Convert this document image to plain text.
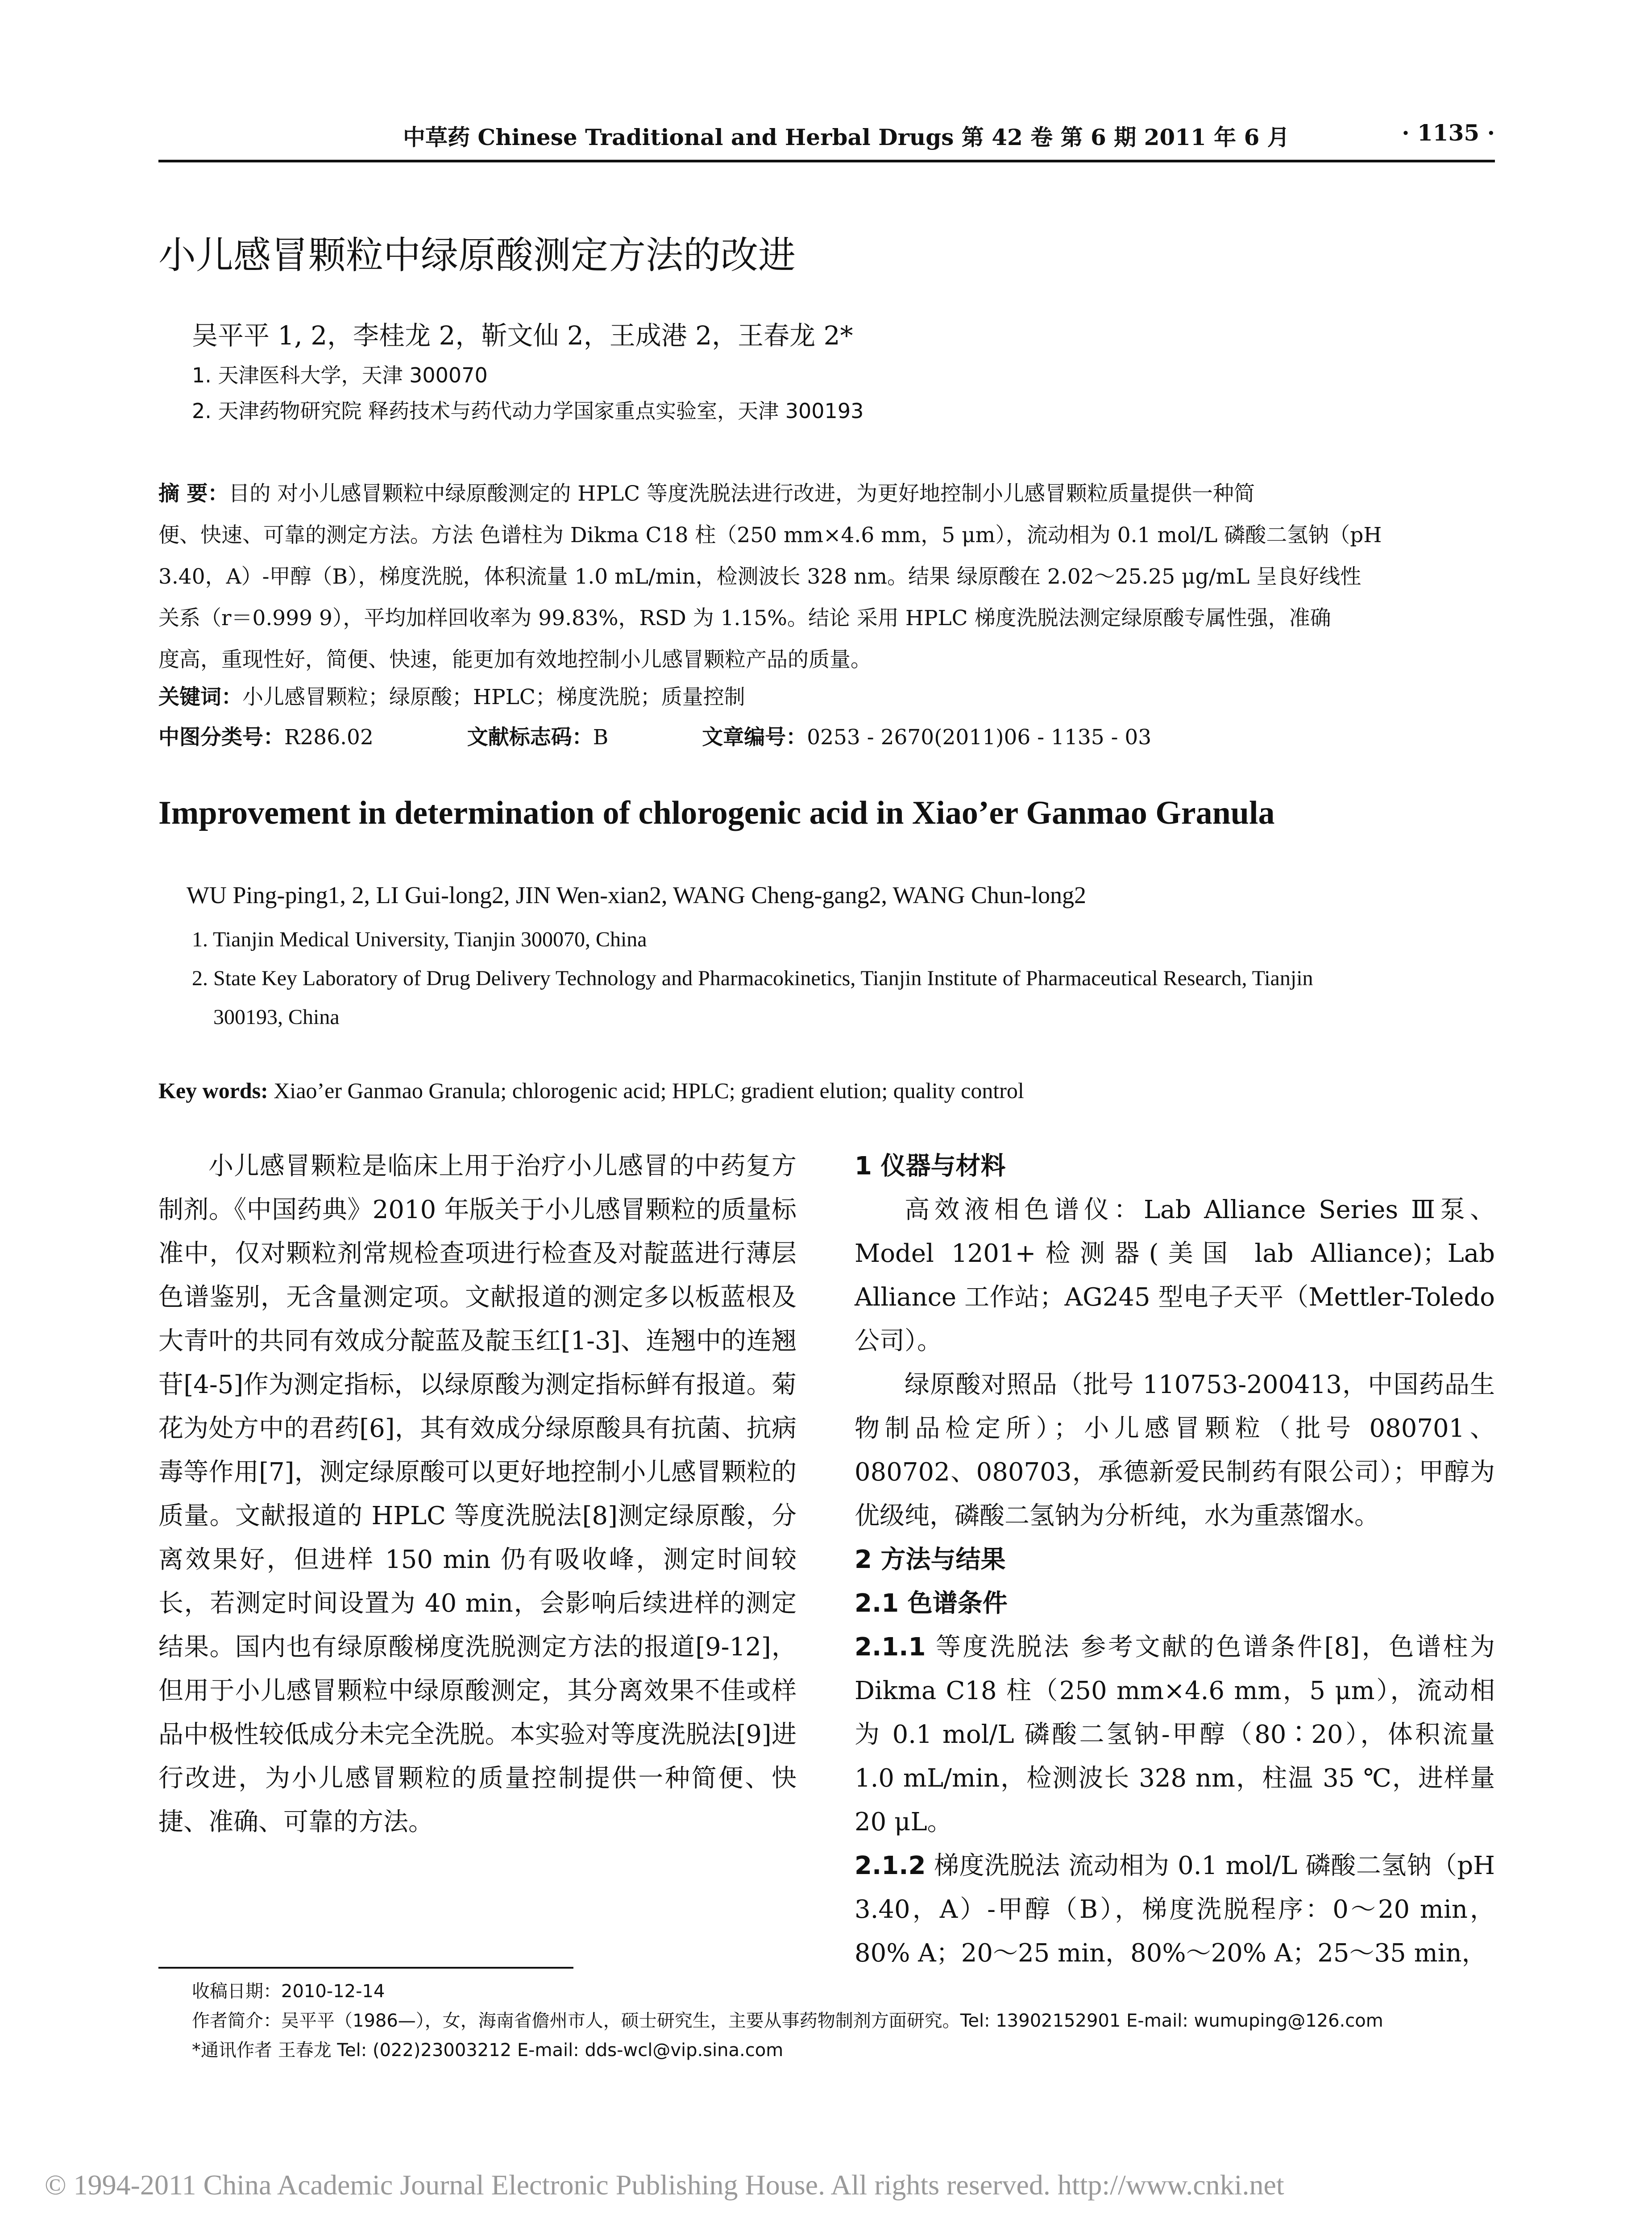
中草药 Chinese Traditional and Herbal Drugs 第 42 卷 第 6 期 2011 年 6 月	· 1135 ·
小儿感冒颗粒中绿原酸测定方法的改进
吴平平 1, 2，李桂龙 2，靳文仙 2，王成港 2，王春龙 2*
1. 天津医科大学，天津 300070
2. 天津药物研究院 释药技术与药代动力学国家重点实验室，天津 300193
摘 要：目的 对小儿感冒颗粒中绿原酸测定的 HPLC 等度洗脱法进行改进，为更好地控制小儿感冒颗粒质量提供一种简
便、快速、可靠的测定方法。方法 色谱柱为 Dikma C18 柱（250 mm×4.6 mm，5 μm），流动相为 0.1 mol/L 磷酸二氢钠（pH
3.40，A）-甲醇（B），梯度洗脱，体积流量 1.0 mL/min，检测波长 328 nm。结果 绿原酸在 2.02～25.25 μg/mL 呈良好线性
关系（r＝0.999 9），平均加样回收率为 99.83%，RSD 为 1.15%。结论 采用 HPLC 梯度洗脱法测定绿原酸专属性强，准确
度高，重现性好，简便、快速，能更加有效地控制小儿感冒颗粒产品的质量。
关键词：小儿感冒颗粒；绿原酸；HPLC；梯度洗脱；质量控制
中图分类号：R286.02	文献标志码：B	文章编号：0253 - 2670(2011)06 - 1135 - 03
Improvement in determination of chlorogenic acid in Xiao’er Ganmao Granula
WU Ping-ping1, 2, LI Gui-long2, JIN Wen-xian2, WANG Cheng-gang2, WANG Chun-long2
1. Tianjin Medical University, Tianjin 300070, China
2. State Key Laboratory of Drug Delivery Technology and Pharmacokinetics, Tianjin Institute of Pharmaceutical Research, Tianjin
300193, China
Key words: Xiao’er Ganmao Granula; chlorogenic acid; HPLC; gradient elution; quality control

小儿感冒颗粒是临床上用于治疗小儿感冒的中药复方制剂。《中国药典》2010 年版关于小儿感冒颗粒的质量标准中，仅对颗粒剂常规检查项进行检查及对靛蓝进行薄层色谱鉴别，无含量测定项。文献报道的测定多以板蓝根及大青叶的共同有效成分靛蓝及靛玉红[1-3]、连翘中的连翘苷[4-5]作为测定指标，以绿原酸为测定指标鲜有报道。菊花为处方中的君药[6]，其有效成分绿原酸具有抗菌、抗病毒等作用[7]，测定绿原酸可以更好地控制小儿感冒颗粒的质量。文献报道的 HPLC 等度洗脱法[8]测定绿原酸，分离效果好，但进样 150 min 仍有吸收峰，测定时间较长，若测定时间设置为 40 min，会影响后续进样的测定结果。国内也有绿原酸梯度洗脱测定方法的报道[9-12]，但用于小儿感冒颗粒中绿原酸测定，其分离效果不佳或样品中极性较低成分未完全洗脱。本实验对等度洗脱法[9]进行改进，为小儿感冒颗粒的质量控制提供一种简便、快捷、准确、可靠的方法。

1 仪器与材料

高效液相色谱仪：Lab Alliance Series Ⅲ泵、Model 1201+检测器(美国 lab Alliance)；Lab Alliance 工作站；AG245 型电子天平（Mettler-Toledo 公司）。

绿原酸对照品（批号 110753-200413，中国药品生物制品检定所）；小儿感冒颗粒（批号 080701、080702、080703，承德新爱民制药有限公司）；甲醇为优级纯，磷酸二氢钠为分析纯，水为重蒸馏水。

2 方法与结果

2.1 色谱条件

2.1.1 等度洗脱法 参考文献的色谱条件[8]，色谱柱为 Dikma C18 柱（250 mm×4.6 mm，5 μm），流动相为 0.1 mol/L 磷酸二氢钠-甲醇（80∶20），体积流量 1.0 mL/min，检测波长 328 nm，柱温 35 ℃，进样量 20 μL。

2.1.2 梯度洗脱法 流动相为 0.1 mol/L 磷酸二氢钠（pH 3.40，A）-甲醇（B），梯度洗脱程序：0～20 min，80% A；20～25 min，80%～20% A；25～35 min，

收稿日期：2010-12-14
作者简介：吴平平（1986—），女，海南省儋州市人，硕士研究生，主要从事药物制剂方面研究。Tel: 13902152901 E-mail: wumuping@126.com
*通讯作者 王春龙 Tel: (022)23003212 E-mail: dds-wcl@vip.sina.com
© 1994-2011 China Academic Journal Electronic Publishing House. All rights reserved. http://www.cnki.net
